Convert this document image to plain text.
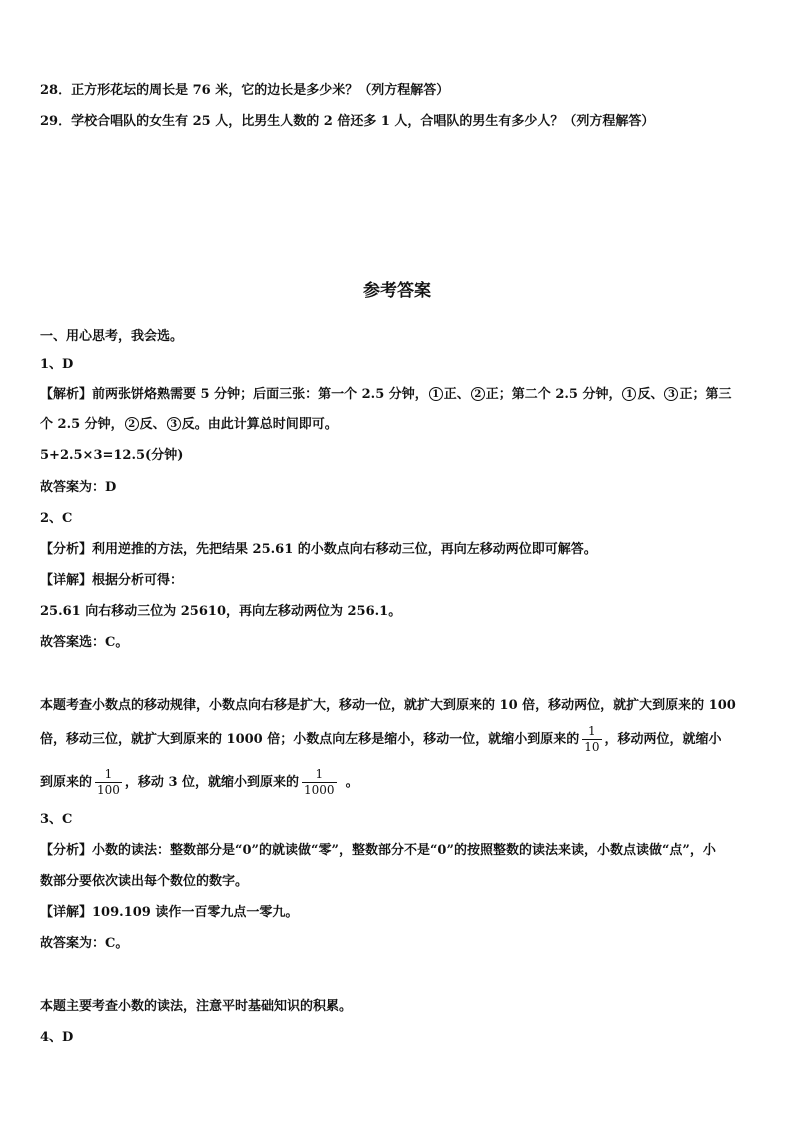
28．正方形花坛的周长是 76 米，它的边长是多少米？（列方程解答）
29．学校合唱队的女生有 25 人，比男生人数的 2 倍还多 1 人，合唱队的男生有多少人？（列方程解答）
参考答案
一、用心思考，我会选。
1、D
【解析】前两张饼烙熟需要 5 分钟；后面三张：第一个 2.5 分钟， 1 正、 2 正；第二个 2.5 分钟， 1 反、 3 正；第三
个 2.5 分钟， 2 反、 3 反。由此计算总时间即可。
5+2.5×3=12.5(分钟)
故答案为：D
2、C
【分析】利用逆推的方法，先把结果 25.61 的小数点向右移动三位，再向左移动两位即可解答。
【详解】根据分析可得：
25.61 向右移动三位为 25610，再向左移动两位为 256.1。
故答案选：C。
本题考查小数点的移动规律，小数点向右移是扩大，移动一位，就扩大到原来的 10 倍，移动两位，就扩大到原来的 100
倍，移动三位，就扩大到原来的 1000 倍；小数点向左移是缩小，移动一位，就缩小到原来的 $\frac{1}{10}$ ，移动两位，就缩小
到原来的 $\frac{1}{100}$ ，移动 3 位，就缩小到原来的 $\frac{1}{1000}$ 。
3、C
【分析】小数的读法：整数部分是“0”的就读做“零”，整数部分不是“0”的按照整数的读法来读，小数点读做“点”，小
数部分要依次读出每个数位的数字。
【详解】109.109 读作一百零九点一零九。
故答案为：C。
本题主要考查小数的读法，注意平时基础知识的积累。
4、D
